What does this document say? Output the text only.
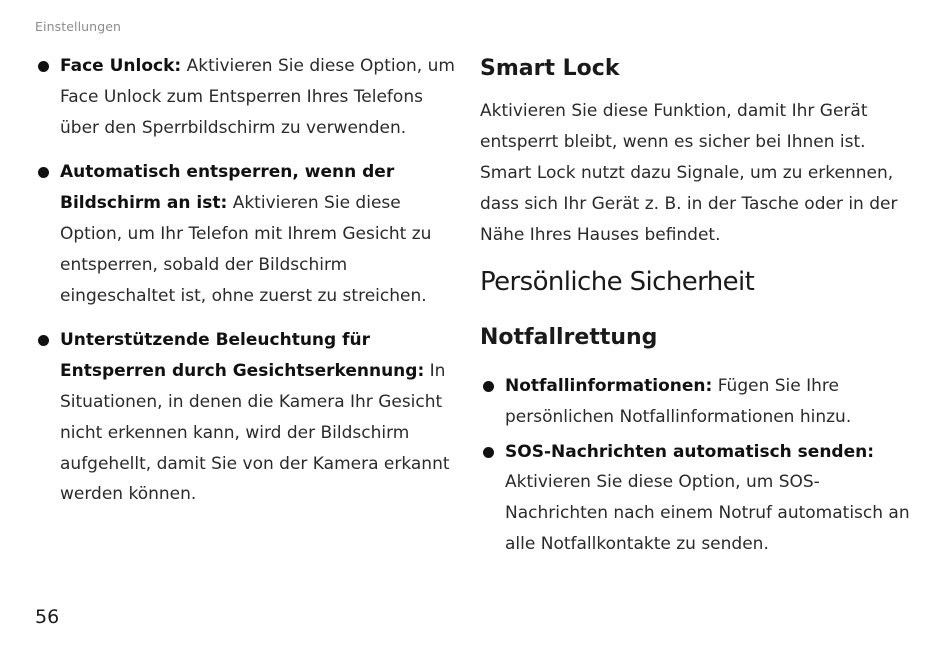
Einstellungen
Face Unlock: Aktivieren Sie diese Option, um Face Unlock zum Entsperren Ihres Telefons über den Sperrbildschirm zu verwenden.
Automatisch entsperren, wenn der Bildschirm an ist: Aktivieren Sie diese Option, um Ihr Telefon mit Ihrem Gesicht zu entsperren, sobald der Bildschirm eingeschaltet ist, ohne zuerst zu streichen.
Unterstützende Beleuchtung für Entsperren durch Gesichtserkennung: In Situationen, in denen die Kamera Ihr Gesicht nicht erkennen kann, wird der Bildschirm aufgehellt, damit Sie von der Kamera erkannt werden können.
Smart Lock

Aktivieren Sie diese Funktion, damit Ihr Gerät entsperrt bleibt, wenn es sicher bei Ihnen ist. Smart Lock nutzt dazu Signale, um zu erkennen, dass sich Ihr Gerät z. B. in der Tasche oder in der Nähe Ihres Hauses befindet.

Persönliche Sicherheit
Notfallrettung
Notfallinformationen: Fügen Sie Ihre persönlichen Notfallinformationen hinzu.
SOS-Nachrichten automatisch senden: Aktivieren Sie diese Option, um SOS-Nachrichten nach einem Notruf automatisch an alle Notfallkontakte zu senden.
56
